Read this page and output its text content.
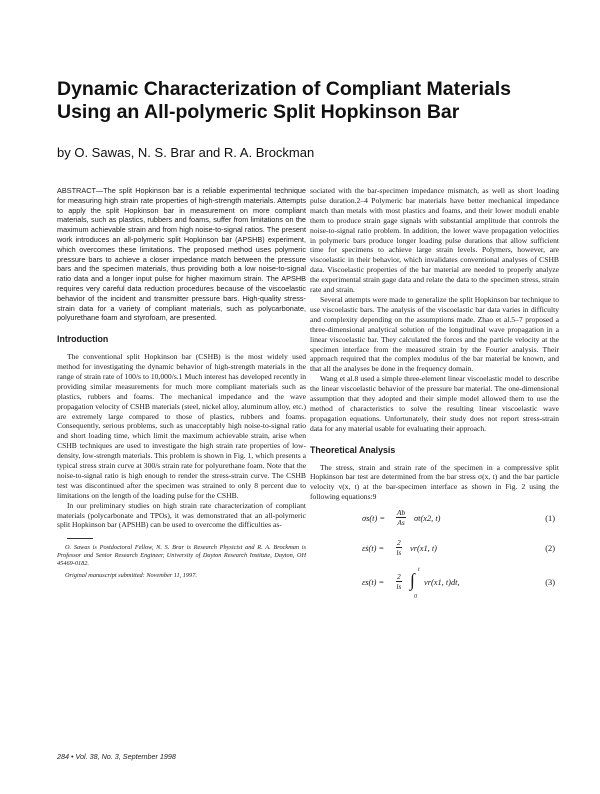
Dynamic Characterization of Compliant Materials Using an All-polymeric Split Hopkinson Bar
by O. Sawas, N. S. Brar and R. A. Brockman

ABSTRACT—The split Hopkinson bar is a reliable experimental technique for measuring high strain rate properties of high-strength materials. Attempts to apply the split Hopkinson bar in measurement on more compliant materials, such as plastics, rubbers and foams, suffer from limitations on the maximum achievable strain and from high noise-to-signal ratios. The present work introduces an all-polymeric split Hopkinson bar (APSHB) experiment, which overcomes these limitations. The proposed method uses polymeric pressure bars to achieve a closer impedance match between the pressure bars and the specimen materials, thus providing both a low noise-to-signal ratio data and a longer input pulse for higher maximum strain. The APSHB requires very careful data reduction procedures because of the viscoelastic behavior of the incident and transmitter pressure bars. High-quality stress-strain data for a variety of compliant materials, such as polycarbonate, polyurethane foam and styrofoam, are presented.

Introduction

The conventional split Hopkinson bar (CSHB) is the most widely used method for investigating the dynamic behavior of high-strength materials in the range of strain rate of 100/s to 10,000/s.1 Much interest has developed recently in providing similar measurements for much more compliant materials such as plastics, rubbers and foams. The mechanical impedance and the wave propagation velocity of CSHB materials (steel, nickel alloy, aluminum alloy, etc.) are extremely large compared to those of plastics, rubbers and foams. Consequently, serious problems, such as unacceptably high noise-to-signal ratio and short loading time, which limit the maximum achievable strain, arise when CSHB techniques are used to investigate the high strain rate properties of low-density, low-strength materials. This problem is shown in Fig. 1, which presents a typical stress strain curve at 300/s strain rate for polyurethane foam. Note that the noise-to-signal ratio is high enough to render the stress-strain curve. The CSHB test was discontinued after the specimen was strained to only 8 percent due to limitations on the length of the loading pulse for the CSHB.

In our preliminary studies on high strain rate characterization of compliant materials (polycarbonate and TPOs), it was demonstrated that an all-polymeric split Hopkinson bar (APSHB) can be used to overcome the difficulties as-

O. Sawas is Postdoctoral Fellow, N. S. Brar is Research Physicist and R. A. Brockman is Professor and Senior Research Engineer, University of Dayton Research Institute, Dayton, OH 45469-0182.

Original manuscript submitted: November 11, 1997.

sociated with the bar-specimen impedance mismatch, as well as short loading pulse duration.2–4 Polymeric bar materials have better mechanical impedance match than metals with most plastics and foams, and their lower moduli enable them to produce strain gage signals with substantial amplitude that controls the noise-to-signal ratio problem. In addition, the lower wave propagation velocities in polymeric bars produce longer loading pulse durations that allow sufficient time for specimens to achieve large strain levels. Polymers, however, are viscoelastic in their behavior, which invalidates conventional analyses of CSHB data. Viscoelastic properties of the bar material are needed to properly analyze the experimental strain gage data and relate the data to the specimen stress, strain rate and strain.

Several attempts were made to generalize the split Hopkinson bar technique to use viscoelastic bars. The analysis of the viscoelastic bar data varies in difficulty and complexity depending on the assumptions made. Zhao et al.5–7 proposed a three-dimensional analytical solution of the longitudinal wave propagation in a linear viscoelastic bar. They calculated the forces and the particle velocity at the specimen interface from the measured strain by the Fourier analysis. Their approach required that the complex modulus of the bar material be known, and that all the analyses be done in the frequency domain.

Wang et al.8 used a simple three-element linear viscoelastic model to describe the linear viscoelastic behavior of the pressure bar material. The one-dimensional assumption that they adopted and their simple model allowed them to use the method of characteristics to solve the resulting linear viscoelastic wave propagation equations. Unfortunately, their study does not report stress-strain data for any material usable for evaluating their approach.

Theoretical Analysis

The stress, strain and strain rate of the specimen in a compressive split Hopkinson bar test are determined from the bar stress σ(x, t) and the bar particle velocity v(x, t) at the bar-specimen interface as shown in Fig. 2 using the following equations:9

$\sigma s(t) = \frac{Ab}{As} \sigma t(x2$, t)	(1)
ε̇s(t) = $\frac{2}{ls} vr(x1$, t)	(2)
$\varepsilon s(t) = \frac{2}{ls}$ ∫ t
0
vr(x1, t)dt,	(3)
284 • Vol. 38, No. 3, September 1998
